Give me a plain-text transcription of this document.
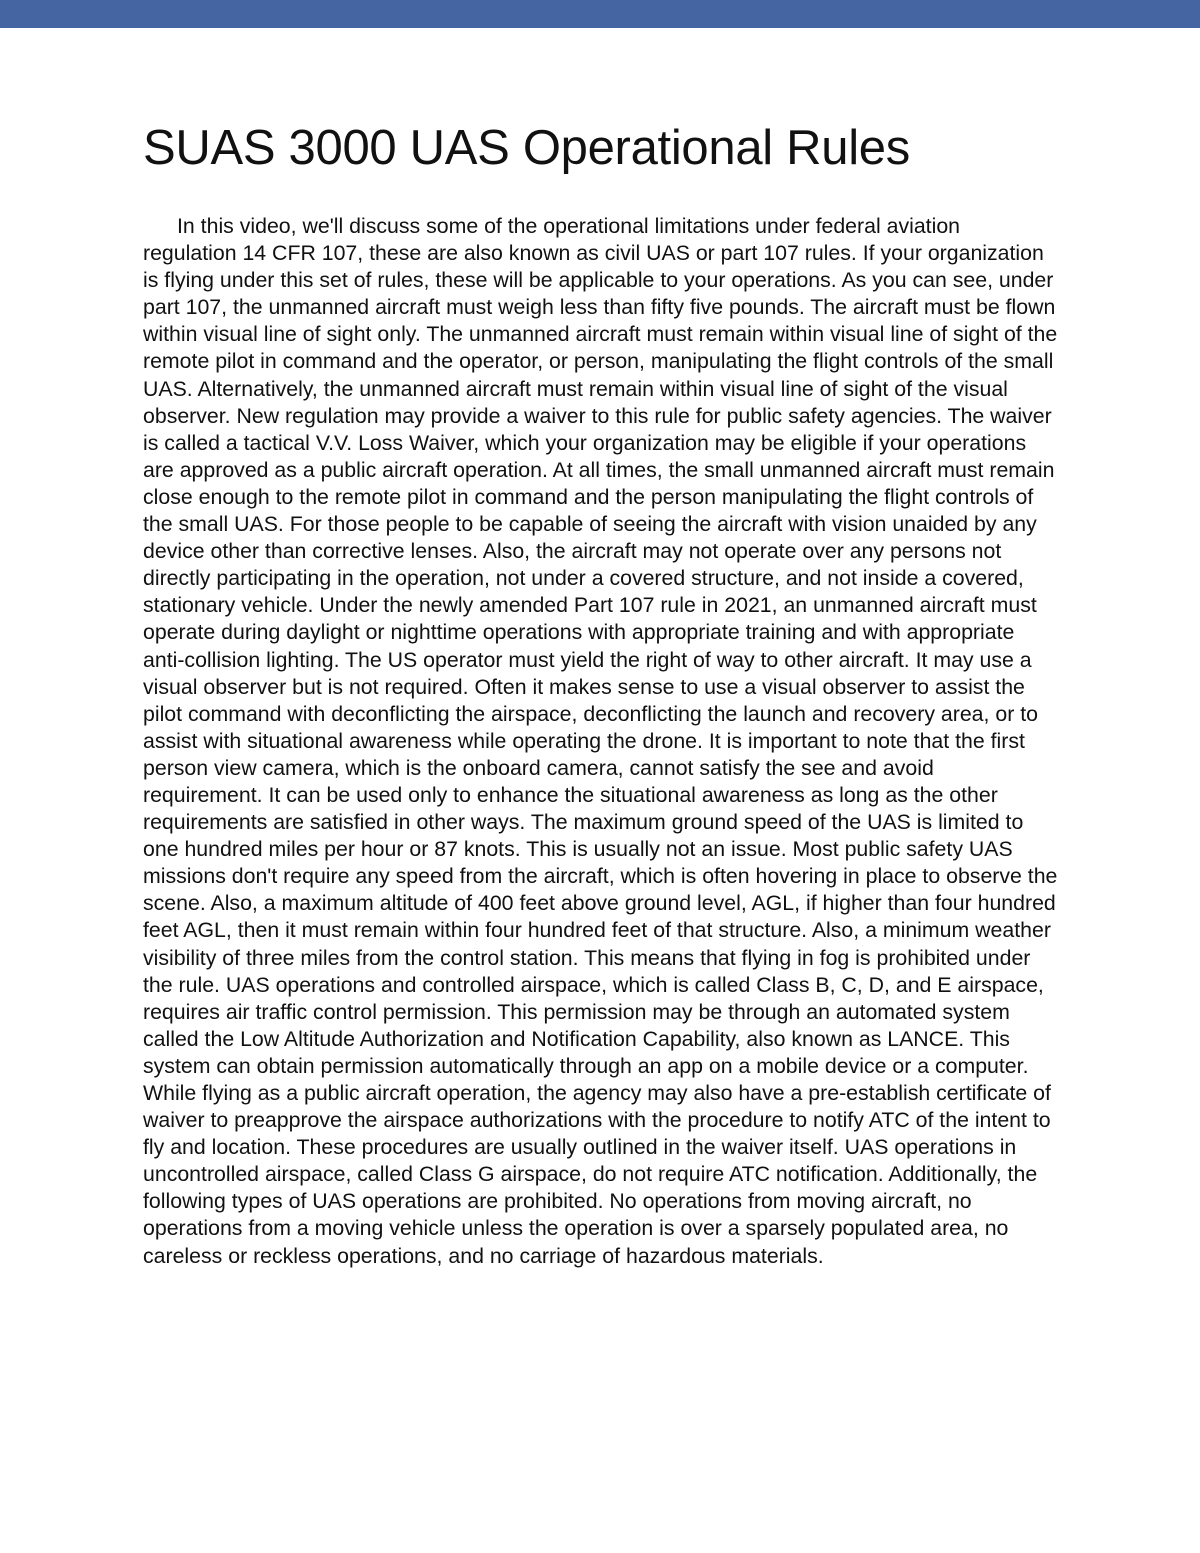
SUAS 3000 UAS Operational Rules

In this video, we'll discuss some of the operational limitations under federal aviation regulation 14 CFR 107, these are also known as civil UAS or part 107 rules. If your organization is flying under this set of rules, these will be applicable to your operations. As you can see, under part 107, the unmanned aircraft must weigh less than fifty five pounds. The aircraft must be flown within visual line of sight only. The unmanned aircraft must remain within visual line of sight of the remote pilot in command and the operator, or person, manipulating the flight controls of the small UAS. Alternatively, the unmanned aircraft must remain within visual line of sight of the visual observer. New regulation may provide a waiver to this rule for public safety agencies. The waiver is called a tactical V.V. Loss Waiver, which your organization may be eligible if your operations are approved as a public aircraft operation. At all times, the small unmanned aircraft must remain close enough to the remote pilot in command and the person manipulating the flight controls of the small UAS. For those people to be capable of seeing the aircraft with vision unaided by any device other than corrective lenses. Also, the aircraft may not operate over any persons not directly participating in the operation, not under a covered structure, and not inside a covered, stationary vehicle. Under the newly amended Part 107 rule in 2021, an unmanned aircraft must operate during daylight or nighttime operations with appropriate training and with appropriate anti-collision lighting. The US operator must yield the right of way to other aircraft. It may use a visual observer but is not required. Often it makes sense to use a visual observer to assist the pilot command with deconflicting the airspace, deconflicting the launch and recovery area, or to assist with situational awareness while operating the drone. It is important to note that the first person view camera, which is the onboard camera, cannot satisfy the see and avoid requirement. It can be used only to enhance the situational awareness as long as the other requirements are satisfied in other ways. The maximum ground speed of the UAS is limited to one hundred miles per hour or 87 knots. This is usually not an issue. Most public safety UAS missions don't require any speed from the aircraft, which is often hovering in place to observe the scene. Also, a maximum altitude of 400 feet above ground level, AGL, if higher than four hundred feet AGL, then it must remain within four hundred feet of that structure. Also, a minimum weather visibility of three miles from the control station. This means that flying in fog is prohibited under the rule. UAS operations and controlled airspace, which is called Class B, C, D, and E airspace, requires air traffic control permission. This permission may be through an automated system called the Low Altitude Authorization and Notification Capability, also known as LANCE. This system can obtain permission automatically through an app on a mobile device or a computer. While flying as a public aircraft operation, the agency may also have a pre-establish certificate of waiver to preapprove the airspace authorizations with the procedure to notify ATC of the intent to fly and location. These procedures are usually outlined in the waiver itself. UAS operations in uncontrolled airspace, called Class G airspace, do not require ATC notification. Additionally, the following types of UAS operations are prohibited. No operations from moving aircraft, no operations from a moving vehicle unless the operation is over a sparsely populated area, no careless or reckless operations, and no carriage of hazardous materials.
